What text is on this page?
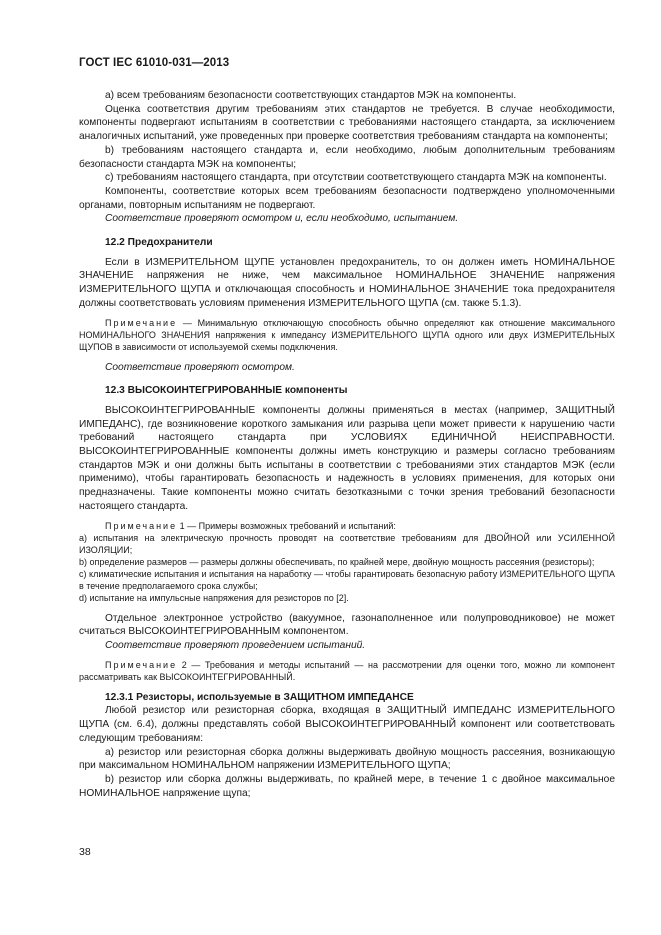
ГОСТ IEC 61010-031—2013

а) всем требованиям безопасности соответствующих стандартов МЭК на компоненты.

Оценка соответствия другим требованиям этих стандартов не требуется. В случае необходимости, компоненты подвергают испытаниям в соответствии с требованиями настоящего стандарта, за исключением аналогичных испытаний, уже проведенных при проверке соответствия требованиям стандарта на компоненты;

b) требованиям настоящего стандарта и, если необходимо, любым дополнительным требованиям безопасности стандарта МЭК на компоненты;

с) требованиям настоящего стандарта, при отсутствии соответствующего стандарта МЭК на компоненты.

Компоненты, соответствие которых всем требованиям безопасности подтверждено уполномоченными органами, повторным испытаниям не подвергают.

Соответствие проверяют осмотром и, если необходимо, испытанием.

12.2 Предохранители

Если в ИЗМЕРИТЕЛЬНОМ ЩУПЕ установлен предохранитель, то он должен иметь НОМИНАЛЬНОЕ ЗНАЧЕНИЕ напряжения не ниже, чем максимальное НОМИНАЛЬНОЕ ЗНАЧЕНИЕ напряжения ИЗМЕРИТЕЛЬНОГО ЩУПА и отключающая способность и НОМИНАЛЬНОЕ ЗНАЧЕНИЕ тока предохранителя должны соответствовать условиям применения ИЗМЕРИТЕЛЬНОГО ЩУПА (см. также 5.1.3).

Примечание — Минимальную отключающую способность обычно определяют как отношение максимального НОМИНАЛЬНОГО ЗНАЧЕНИЯ напряжения к импедансу ИЗМЕРИТЕЛЬНОГО ЩУПА одного или двух ИЗМЕРИТЕЛЬНЫХ ЩУПОВ в зависимости от используемой схемы подключения.

Соответствие проверяют осмотром.

12.3 ВЫСОКОИНТЕГРИРОВАННЫЕ компоненты

ВЫСОКОИНТЕГРИРОВАННЫЕ компоненты должны применяться в местах (например, ЗАЩИТНЫЙ ИМПЕДАНС), где возникновение короткого замыкания или разрыва цепи может привести к нарушению части требований настоящего стандарта при УСЛОВИЯХ ЕДИНИЧНОЙ НЕИСПРАВНОСТИ. ВЫСОКОИНТЕГРИРОВАННЫЕ компоненты должны иметь конструкцию и размеры согласно требованиям стандартов МЭК и они должны быть испытаны в соответствии с требованиями этих стандартов МЭК (если применимо), чтобы гарантировать безопасность и надежность в условиях применения, для которых они предназначены. Такие компоненты можно считать безотказными с точки зрения требований безопасности настоящего стандарта.

Примечание 1 — Примеры возможных требований и испытаний:

а) испытания на электрическую прочность проводят на соответствие требованиям для ДВОЙНОЙ или УСИЛЕННОЙ ИЗОЛЯЦИИ;

b) определение размеров — размеры должны обеспечивать, по крайней мере, двойную мощность рассеяния (резисторы);

с) климатические испытания и испытания на наработку — чтобы гарантировать безопасную работу ИЗМЕРИТЕЛЬНОГО ЩУПА в течение предполагаемого срока службы;

d) испытание на импульсные напряжения для резисторов по [2].

Отдельное электронное устройство (вакуумное, газонаполненное или полупроводниковое) не может считаться ВЫСОКОИНТЕГРИРОВАННЫМ компонентом.

Соответствие проверяют проведением испытаний.

Примечание 2 — Требования и методы испытаний — на рассмотрении для оценки того, можно ли компонент рассматривать как ВЫСОКОИНТЕГРИРОВАННЫЙ.

12.3.1 Резисторы, используемые в ЗАЩИТНОМ ИМПЕДАНСЕ

Любой резистор или резисторная сборка, входящая в ЗАЩИТНЫЙ ИМПЕДАНС ИЗМЕРИТЕЛЬНОГО ЩУПА (см. 6.4), должны представлять собой ВЫСОКОИНТЕГРИРОВАННЫЙ компонент или соответствовать следующим требованиям:

а) резистор или резисторная сборка должны выдерживать двойную мощность рассеяния, возникающую при максимальном НОМИНАЛЬНОМ напряжении ИЗМЕРИТЕЛЬНОГО ЩУПА;

b) резистор или сборка должны выдерживать, по крайней мере, в течение 1 с двойное максимальное НОМИНАЛЬНОЕ напряжение щупа;

38
